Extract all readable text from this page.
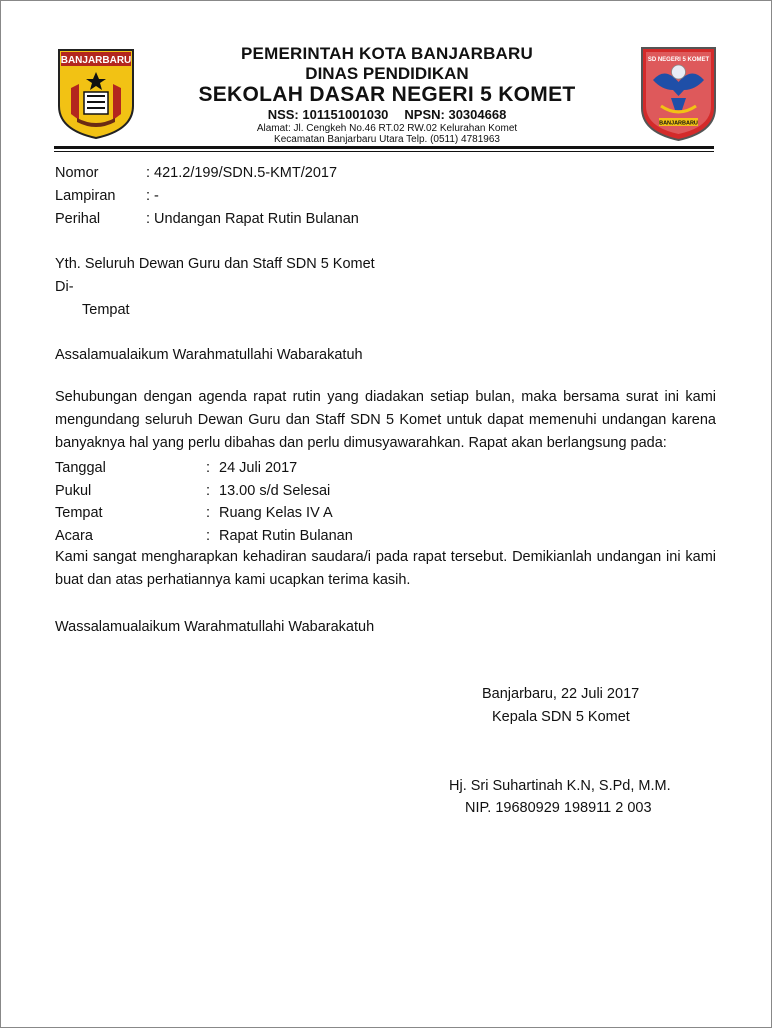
BANJARBARU	SD NEGERI 5 KOMET
BANJARBARU
PEMERINTAH KOTA BANJARBARU
DINAS PENDIDIKAN
SEKOLAH DASAR NEGERI 5 KOMET
NSS: 101151001030 NPSN: 30304668
Alamat: Jl. Cengkeh No.46 RT.02 RW.02 Kelurahan Komet
Kecamatan Banjarbaru Utara Telp. (0511) 4781963
Nomor	: 421.2/199/SDN.5-KMT/2017
Lampiran : -
Perihal	: Undangan Rapat Rutin Bulanan
Yth. Seluruh Dewan Guru dan Staff SDN 5 Komet
Di-
Tempat
Assalamualaikum Warahmatullahi Wabarakatuh
Sehubungan dengan agenda rapat rutin yang diadakan setiap bulan, maka bersama surat ini kami mengundang seluruh Dewan Guru dan Staff SDN 5 Komet untuk dapat memenuhi undangan karena banyaknya hal yang perlu dibahas dan perlu dimusyawarahkan. Rapat akan berlangsung pada:
Tanggal	: 24 Juli 2017
Pukul	: 13.00 s/d Selesai
Tempat	: Ruang Kelas IV A
Acara	: Rapat Rutin Bulanan
Kami sangat mengharapkan kehadiran saudara/i pada rapat tersebut. Demikianlah undangan ini kami buat dan atas perhatiannya kami ucapkan terima kasih.
Wassalamualaikum Warahmatullahi Wabarakatuh
Banjarbaru, 22 Juli 2017
Kepala SDN 5 Komet
Hj. Sri Suhartinah K.N, S.Pd, M.M.
NIP. 19680929 198911 2 003
